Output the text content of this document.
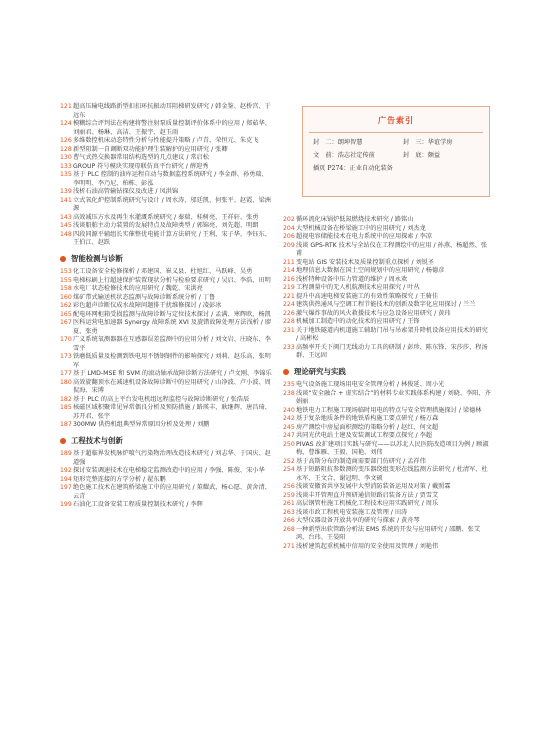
121 超高压输电线路新型扣扣环抗振动耳阻梯研发研究 / 韩金鉴、赵桥宫、于远东
124 模糊综合评判法在构建将警注射泵质量控制评价体系中的应用 / 郑茹华、刘丽君、杨琳、高洁、王振宇、赵玉雨
126 多维数控机床动态特性分析与性能提升策略 / 卢青、荣恒元、朱克飞
128 新型阻制一自调断双功能护理生装解护的应用研究 / 张卿
130 曹气式热交换器常用结构选型的几点建议 / 常启松
133 GROUP 符号模块实现母联仿真平台研究 / 薛迎秀
135 基于 PLC 控制的油库运程自动与数据监控系统研究 / 李金群、孙勇瑞、李明明、李乃尼、柏栋、彭泓
139 浅析石油高管输钻探仪及改进 / 凤洪锦
141 立式氧化炉控制系统研究与设计 / 周水涛、邬廷凯、何张平、赵霞、梁洲源
143 高效减压方水及再生水灌溉系统研究 / 秦瑞、桂树亮、王祥轩、张勇
145 浅谈船舶主动力装置的发展特点及故障类型 / 郭锦亮、刘先超、明朗
148 四段同源平辅组长实催整优电能计算方法研究 / 王利、宋子华、李钰东、王伯江、赵跃
智能检测与诊断
153 化工设备安全检修探析 / 邓建国、崔义县、杜旭红、马跃峰、吴勇
155 电梯标刷上行超速保护装置现状分析与检验要求研究 / 吴启、李浩、田明
158 水电厂状态检修技术的应用研究 / 魏乾、宋洪亮
160 煤矿带式输送机状态监测与故障诊断系统分析 / 丁鲁
162 彩色超声诊断仪成水故障问题排干扰维修探讨 / 凌彭冰
165 配电环网柜箱受损监测与故障诊断与定位技术探讨 / 孟满、寒辉欧、杨凯
167 医科运营电加速器 Synergy 故障系统 XVI 及旋错故障处理方法浅析 / 廖夏、张勇
170 广义系统氧测器器在互感器误差监测中的应用分析 / 刘文岩、庄晓东、李雪平
173 铁磨低质量及检测到铁电用不锈钢钢件的影响探究 / 刘莉、赵乐高、张明军
177 基于 LMD-MSE 和 SVM 的滚动轴承故障诊断方法研究 / 卢文刚、李锦乐
180 高效旋翻顶水在减速机设备故障诊断中的应用研究 / 山净波、卢小波、周侃海、宋博
182 基于 PLC 的高上平台发电机组远程监控与故障诊断研究 / 张浩辰
185 核磁区域积聚常见异常偶良分析及预防措施 / 路瑛丰、耿继辉、唐昌琦、苏开君、张宇
187 300MW 供热机组典型异常原因分析及处理 / 刘鹏
工程技术与创新
189 基于超临界发机脉炉喷气污染物治理改造技术研究 / 刘志华、于国庆、赵道强
192 探讨安装调速技术在电梯稳定监测改造中的应用 / 李强、陈俊、宋小华
194 矩形完整连接的方学分析 / 翟东鹏
197 绝色施工技术在建筑桥梁施工中的应用研究 / 董耀武、杨心愿、黄舍清、云青
199 石油化工设备安装工程质量控制技术研究 / 李辉
广告索引
封　二：朗坤智慧	封　三：华谊学房
文　前：浩志社定传前	封　底：颇益
插页 P274：正业自动化装备
202 循环流化床锅炉低氮燃烧技术研究 / 路铭山
204 大型机械设备在桥梁施工中的应用研究 / 刘杰龙
206 超视电容储能技术在电力系统中的应用探索 / 李凉
209 浅谈 GPS-RTK 技术与全站仪在工程测绘中的应用 / 孙燕、杨超然、张甫
211 变电站 GIS 安装技术及质量控制重点探析 / 刘锐圣
214 地理信息大数据在国土空间规划中的应用研究 / 杨德彦
216 浅析特种设备中压力管道的维护 / 周永欢
219 工程测量中的无人机航测技术应用探究 / 叶丛
221 提升中高速电梯安装施工的有效性策略探究 / 王骑佳
224 建筑供热通风与空调工程节能技术的创新及数字化应用探讨 / 兰兰
226 激气爆炸事故的风火救援技术与应急设备应用研究 / 黄玮
228 机械加工制造中的动化技术的应用研究 / 王锋
231 关于地铁隧道内机道施工辅助门吊与吊索架升降机设备应用技术的研究 / 高彬松
233 高频率开关下阀门无线动力工具的研制 / 彭珍、陈东锋、宋莎莎、程汤群、王远固
理论研究与实践
235 电气设备施工现场用电安全管理分析 / 林俊延、周小光
238 浅谈“安全融合 + 虚实结合”的材料专业实践体系构建 / 刘晓、李阳、齐娟丽
240 地铁电力工程施工现场临时用电的特点与安全管理措施探讨 / 梁德林
242 基于复杂地质条件的地铁盾构施工要点研究 / 杨万森
245 房产测绘中房屋面积测绘的策略分析 / 赵红、何文超
247 共同光伏电站土建及安装调试工程要点探究 / 李超
250 PIVAS 改扩建项目实践与研究——以苏北人民医院改造项目为例 / 顾淑梅、曹维雁、王毅、国艳、刘伟
252 基于高斯分布的制造商需要部门仿研究 / 孟祥伟
254 基于短路阻抗参数测的变压器绕组变形在线监测方法研究 / 杜清军、杜永军、王文合、谢冠明、李文硕
256 浅谈安徽省共享发展中大型消防装备运用及对策 / 戴照霖
259 浅谈丰开管理直升预研通信短路启装备方法 / 贾雪艾
261 高层钢管柱施工机械化工程技术应用实践研究 / 周乐
263 浅谈市政工程机电安装施工及管理 / 田涛
266 大型仪器设备开放共享的研究与探索 / 黄舟琴
268 一种新型出软管路分析法 EMS 系统的开发与应用研究 / 邵鹏、张艾鸿、台玮、王晏阳
271 浅析建筑起重机械中信用的安全使用及管理 / 刘艳伟
